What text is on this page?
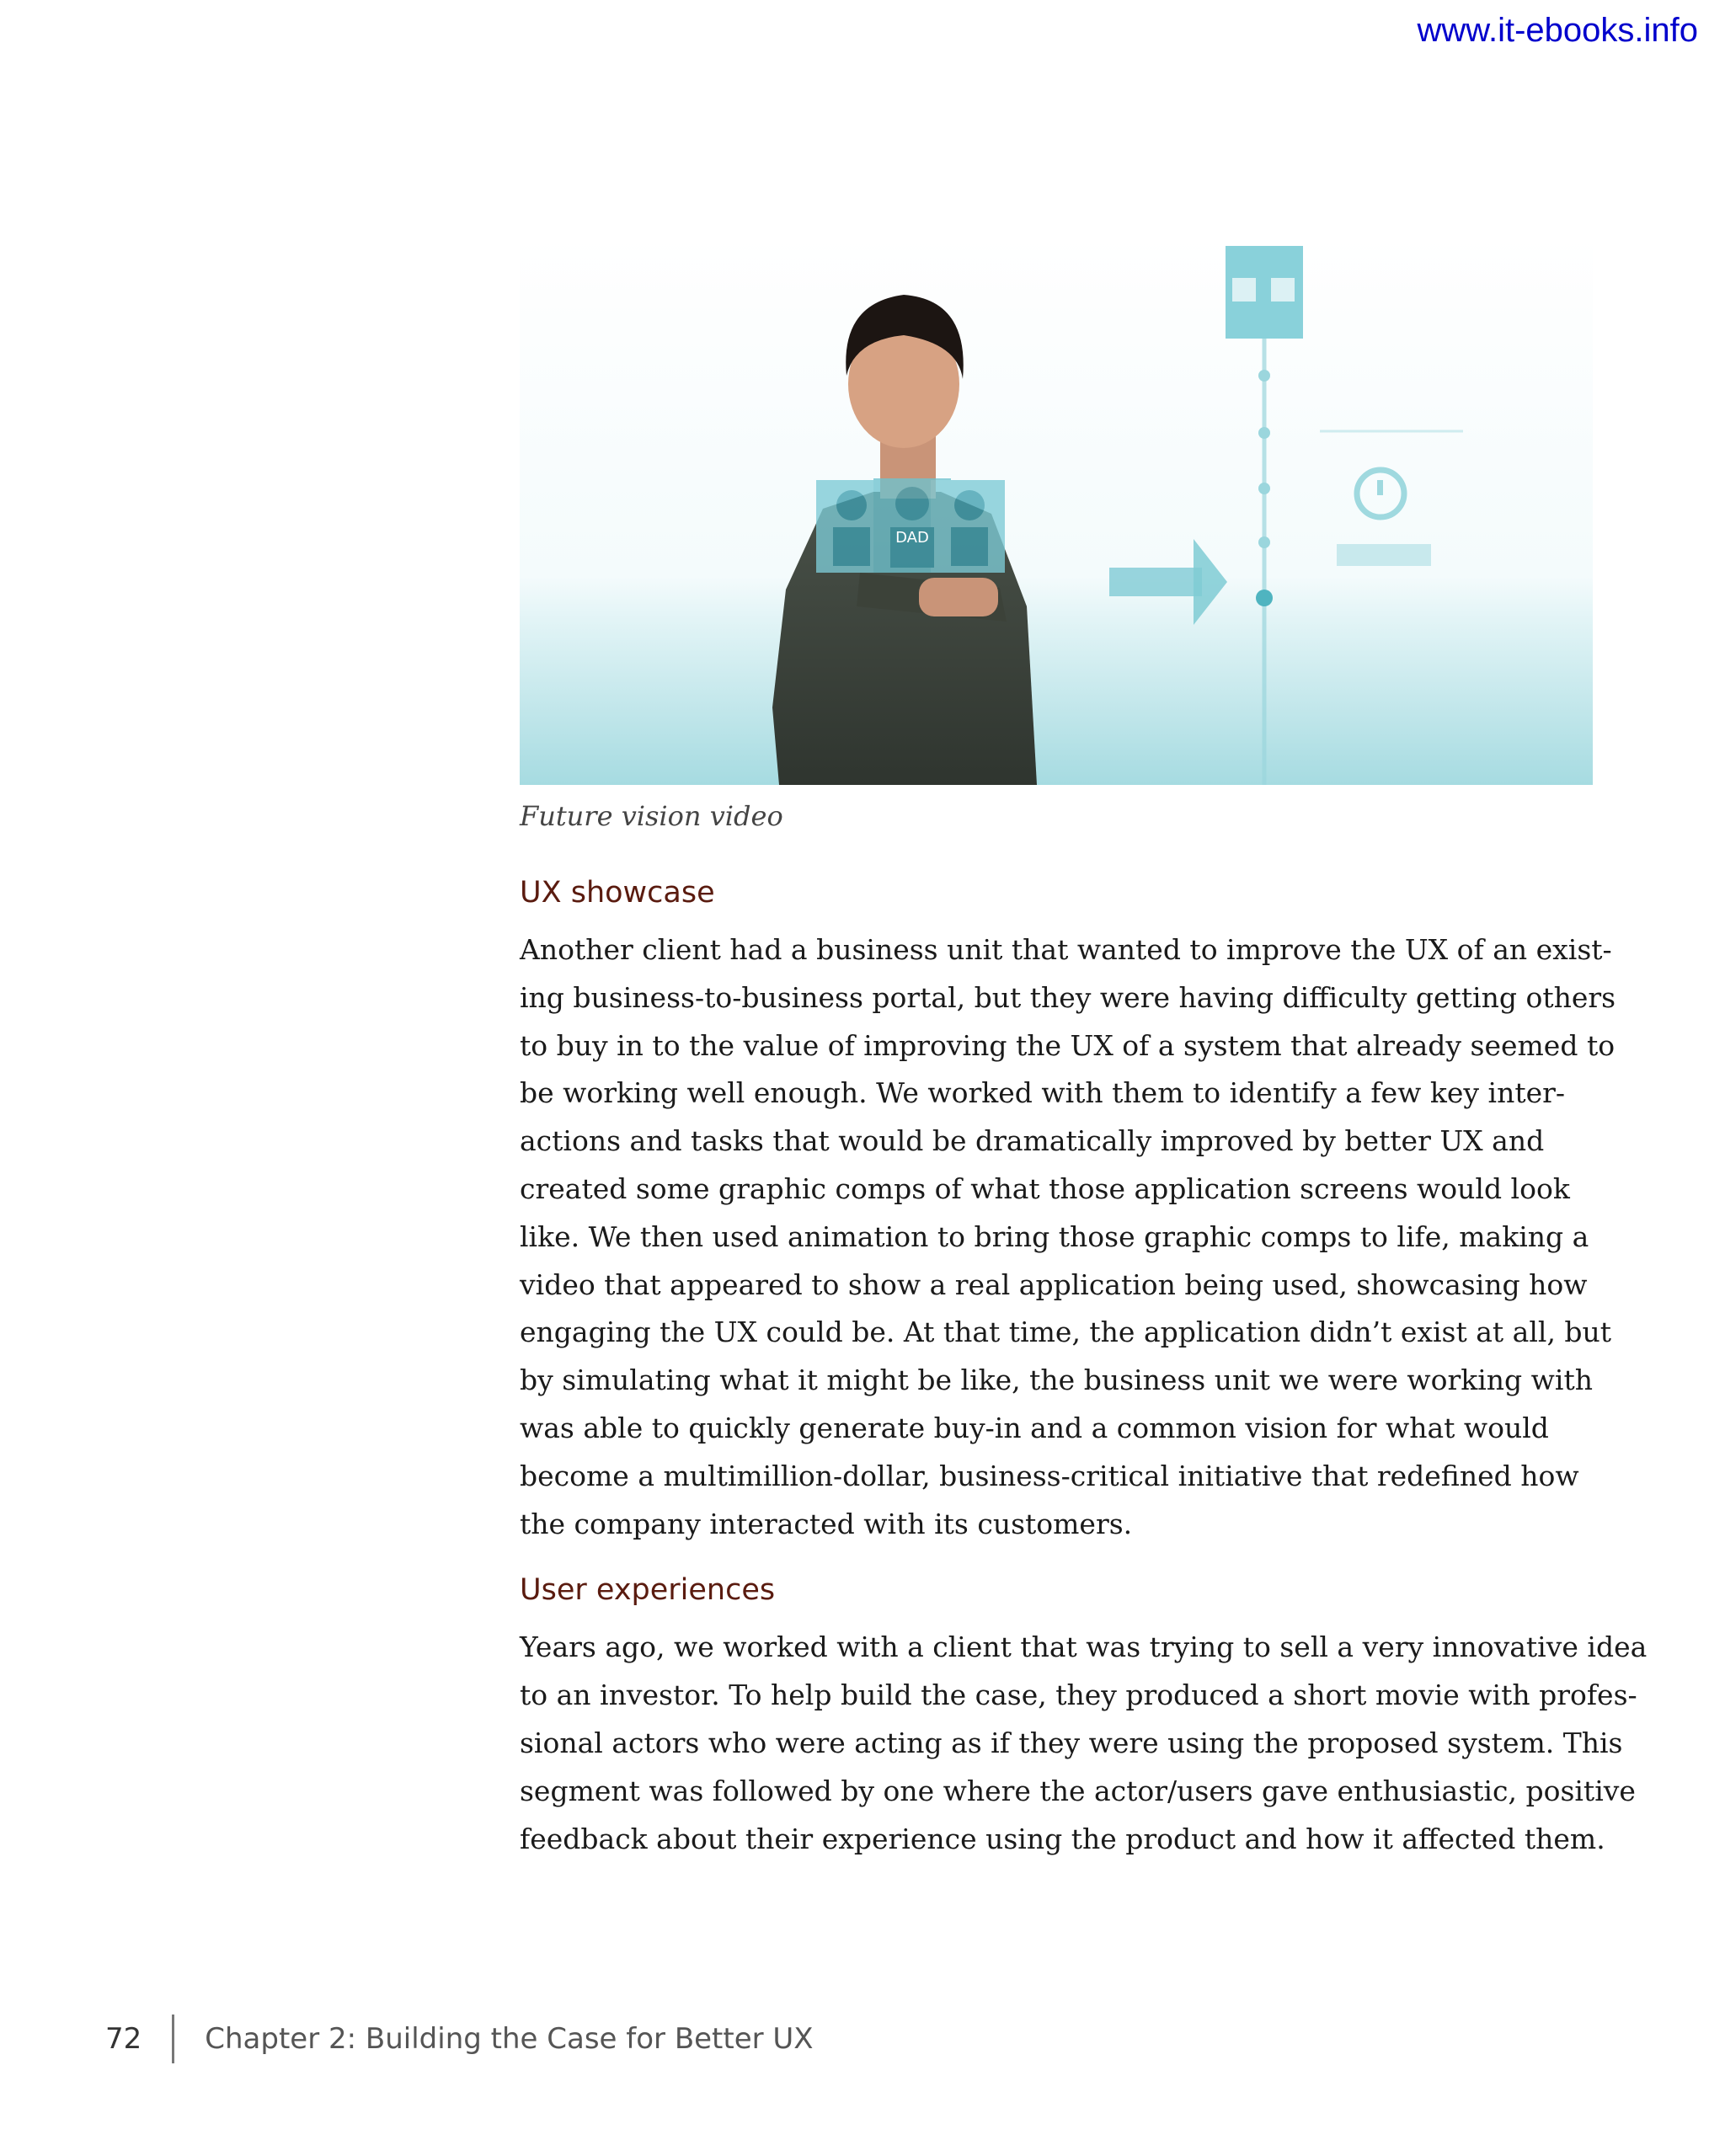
www.it-ebooks.info
DAD
Future vision video
UX showcase

Another client had a business unit that wanted to improve the UX of an exist-
ing business-to-business portal, but they were having difficulty getting others
to buy in to the value of improving the UX of a system that already seemed to
be working well enough. We worked with them to identify a few key inter-
actions and tasks that would be dramatically improved by better UX and
created some graphic comps of what those application screens would look
like. We then used animation to bring those graphic comps to life, making a
video that appeared to show a real application being used, showcasing how
engaging the UX could be. At that time, the application didn’t exist at all, but
by simulating what it might be like, the business unit we were working with
was able to quickly generate buy-in and a common vision for what would
become a multimillion-dollar, business-critical initiative that redefined how
the company interacted with its customers.

User experiences

Years ago, we worked with a client that was trying to sell a very innovative idea
to an investor. To help build the case, they produced a short movie with profes-
sional actors who were acting as if they were using the proposed system. This
segment was followed by one where the actor/users gave enthusiastic, positive
feedback about their experience using the product and how it affected them.

72 Chapter 2: Building the Case for Better UX
